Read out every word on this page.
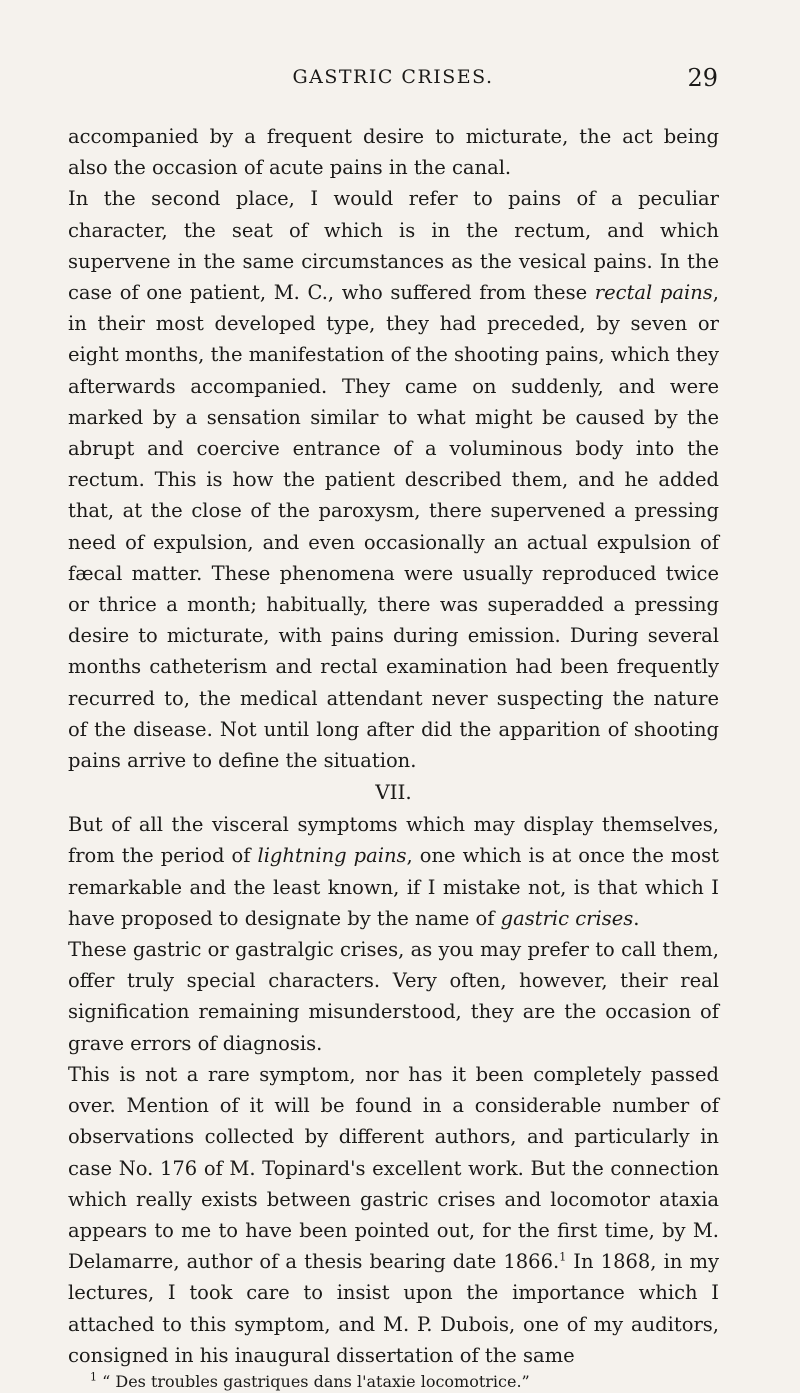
GASTRIC CRISES.	29

accompanied by a frequent desire to micturate, the act being also the occasion of acute pains in the canal.

In the second place, I would refer to pains of a peculiar character, the seat of which is in the rectum, and which supervene in the same circumstances as the vesical pains. In the case of one patient, M. C., who suffered from these rectal pains, in their most developed type, they had preceded, by seven or eight months, the manifestation of the shooting pains, which they afterwards accompanied. They came on suddenly, and were marked by a sensation similar to what might be caused by the abrupt and coercive entrance of a voluminous body into the rectum. This is how the patient described them, and he added that, at the close of the paroxysm, there supervened a pressing need of expulsion, and even occasionally an actual expulsion of fæcal matter. These phenomena were usually reproduced twice or thrice a month; habitually, there was superadded a pressing desire to micturate, with pains during emission. During several months catheterism and rectal examination had been frequently recurred to, the medical attendant never suspecting the nature of the disease. Not until long after did the apparition of shooting pains arrive to define the situation.

VII.

But of all the visceral symptoms which may display themselves, from the period of lightning pains, one which is at once the most remarkable and the least known, if I mistake not, is that which I have proposed to designate by the name of gastric crises.

These gastric or gastralgic crises, as you may prefer to call them, offer truly special characters. Very often, however, their real signification remaining misunderstood, they are the occasion of grave errors of diagnosis.

This is not a rare symptom, nor has it been completely passed over. Mention of it will be found in a considerable number of observations collected by different authors, and particularly in case No. 176 of M. Topinard's excellent work. But the connection which really exists between gastric crises and locomotor ataxia appears to me to have been pointed out, for the first time, by M. Delamarre, author of a thesis bearing date 1866.$^1$ In 1868, in my lectures, I took care to insist upon the importance which I attached to this symptom, and M. P. Dubois, one of my auditors, consigned in his inaugural dissertation of the same

$^1$ “ Des troubles gastriques dans l'ataxie locomotrice.”
